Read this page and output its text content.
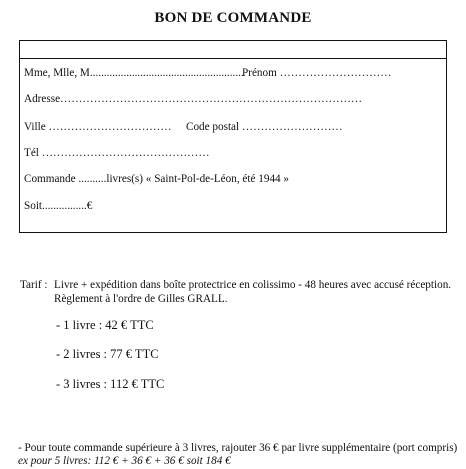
BON DE COMMANDE
Mme, Mlle, M.......................................................
Prénom …………………………
Adresse………………………………………………………………………
Ville …………………………… Code postal ………………………
Tél ………………………………………
Commande ..........livres(s) « Saint-Pol-de-Léon, été 1944 »
Soit................€
Tarif : Livre + expédition dans boîte protectrice en colissimo - 48 heures avec accusé réception. Règlement à l'ordre de Gilles GRALL.
- 1 livre : 42 € TTC
- 2 livres : 77 € TTC
- 3 livres : 112 € TTC
- Pour toute commande supérieure à 3 livres, rajouter 36 € par livre supplémentaire (port compris) ex pour 5 livres: 112 € + 36 € + 36 € soit 184 €
